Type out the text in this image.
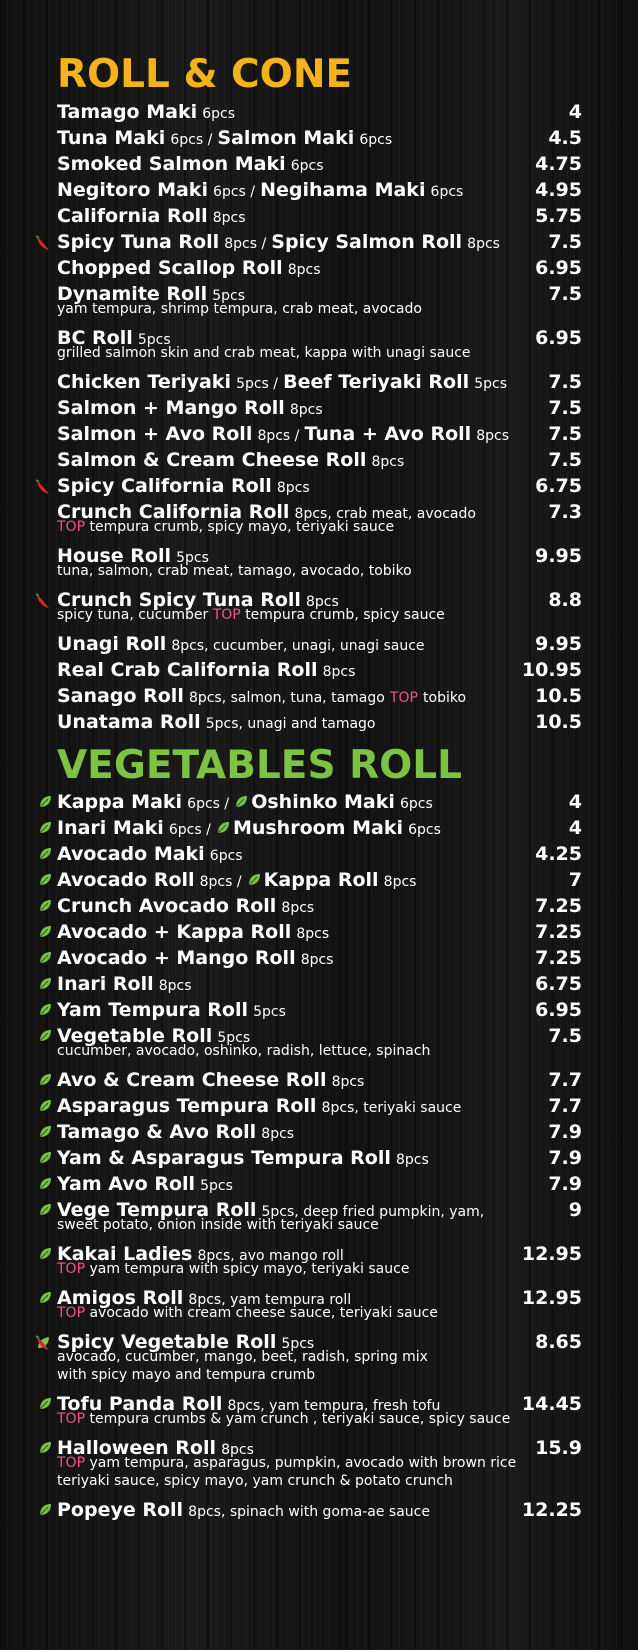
ROLL & CONE
Tamago Maki 6pcs	4
Tuna Maki 6pcs / Salmon Maki 6pcs	4.5
Smoked Salmon Maki 6pcs	4.75
Negitoro Maki 6pcs / Negihama Maki 6pcs	4.95
California Roll 8pcs	5.75
Spicy Tuna Roll 8pcs / Spicy Salmon Roll 8pcs	7.5
Chopped Scallop Roll 8pcs	6.95
Dynamite Roll 5pcs	7.5
yam tempura, shrimp tempura, crab meat, avocado
BC Roll 5pcs	6.95
grilled salmon skin and crab meat, kappa with unagi sauce
Chicken Teriyaki 5pcs / Beef Teriyaki Roll 5pcs 7.5
Salmon + Mango Roll 8pcs	7.5
Salmon + Avo Roll 8pcs / Tuna + Avo Roll 8pcs 7.5
Salmon & Cream Cheese Roll 8pcs	7.5
Spicy California Roll 8pcs	6.75
Crunch California Roll 8pcs, crab meat, avocado	7.3
TOP tempura crumb, spicy mayo, teriyaki sauce
House Roll 5pcs	9.95
tuna, salmon, crab meat, tamago, avocado, tobiko
Crunch Spicy Tuna Roll 8pcs	8.8
spicy tuna, cucumber TOP tempura crumb, spicy sauce
Unagi Roll 8pcs, cucumber, unagi, unagi sauce	9.95
Real Crab California Roll 8pcs	10.95
Sanago Roll 8pcs, salmon, tuna, tamago TOP tobiko	10.5
Unatama Roll 5pcs, unagi and tamago	10.5
VEGETABLES ROLL
Kappa Maki 6pcs / Oshinko Maki 6pcs	4
Inari Maki 6pcs / Mushroom Maki 6pcs	4
Avocado Maki 6pcs	4.25
Avocado Roll 8pcs / Kappa Roll 8pcs	7
Crunch Avocado Roll 8pcs	7.25
Avocado + Kappa Roll 8pcs	7.25
Avocado + Mango Roll 8pcs	7.25
Inari Roll 8pcs	6.75
Yam Tempura Roll 5pcs	6.95
Vegetable Roll 5pcs	7.5
cucumber, avocado, oshinko, radish, lettuce, spinach
Avo & Cream Cheese Roll 8pcs	7.7
Asparagus Tempura Roll 8pcs, teriyaki sauce	7.7
Tamago & Avo Roll 8pcs	7.9
Yam & Asparagus Tempura Roll 8pcs	7.9
Yam Avo Roll 5pcs	7.9
Vege Tempura Roll 5pcs, deep fried pumpkin, yam,	9
sweet potato, onion inside with teriyaki sauce
Kakai Ladies 8pcs, avo mango roll	12.95
TOP yam tempura with spicy mayo, teriyaki sauce
Amigos Roll 8pcs, yam tempura roll	12.95
TOP avocado with cream cheese sauce, teriyaki sauce
Spicy Vegetable Roll 5pcs	8.65
avocado, cucumber, mango, beet, radish, spring mix
with spicy mayo and tempura crumb
Tofu Panda Roll 8pcs, yam tempura, fresh tofu	14.45
TOP tempura crumbs & yam crunch , teriyaki sauce, spicy sauce
Halloween Roll 8pcs	15.9
TOP yam tempura, asparagus, pumpkin, avocado with brown rice
teriyaki sauce, spicy mayo, yam crunch & potato crunch
Popeye Roll 8pcs, spinach with goma-ae sauce	12.25
